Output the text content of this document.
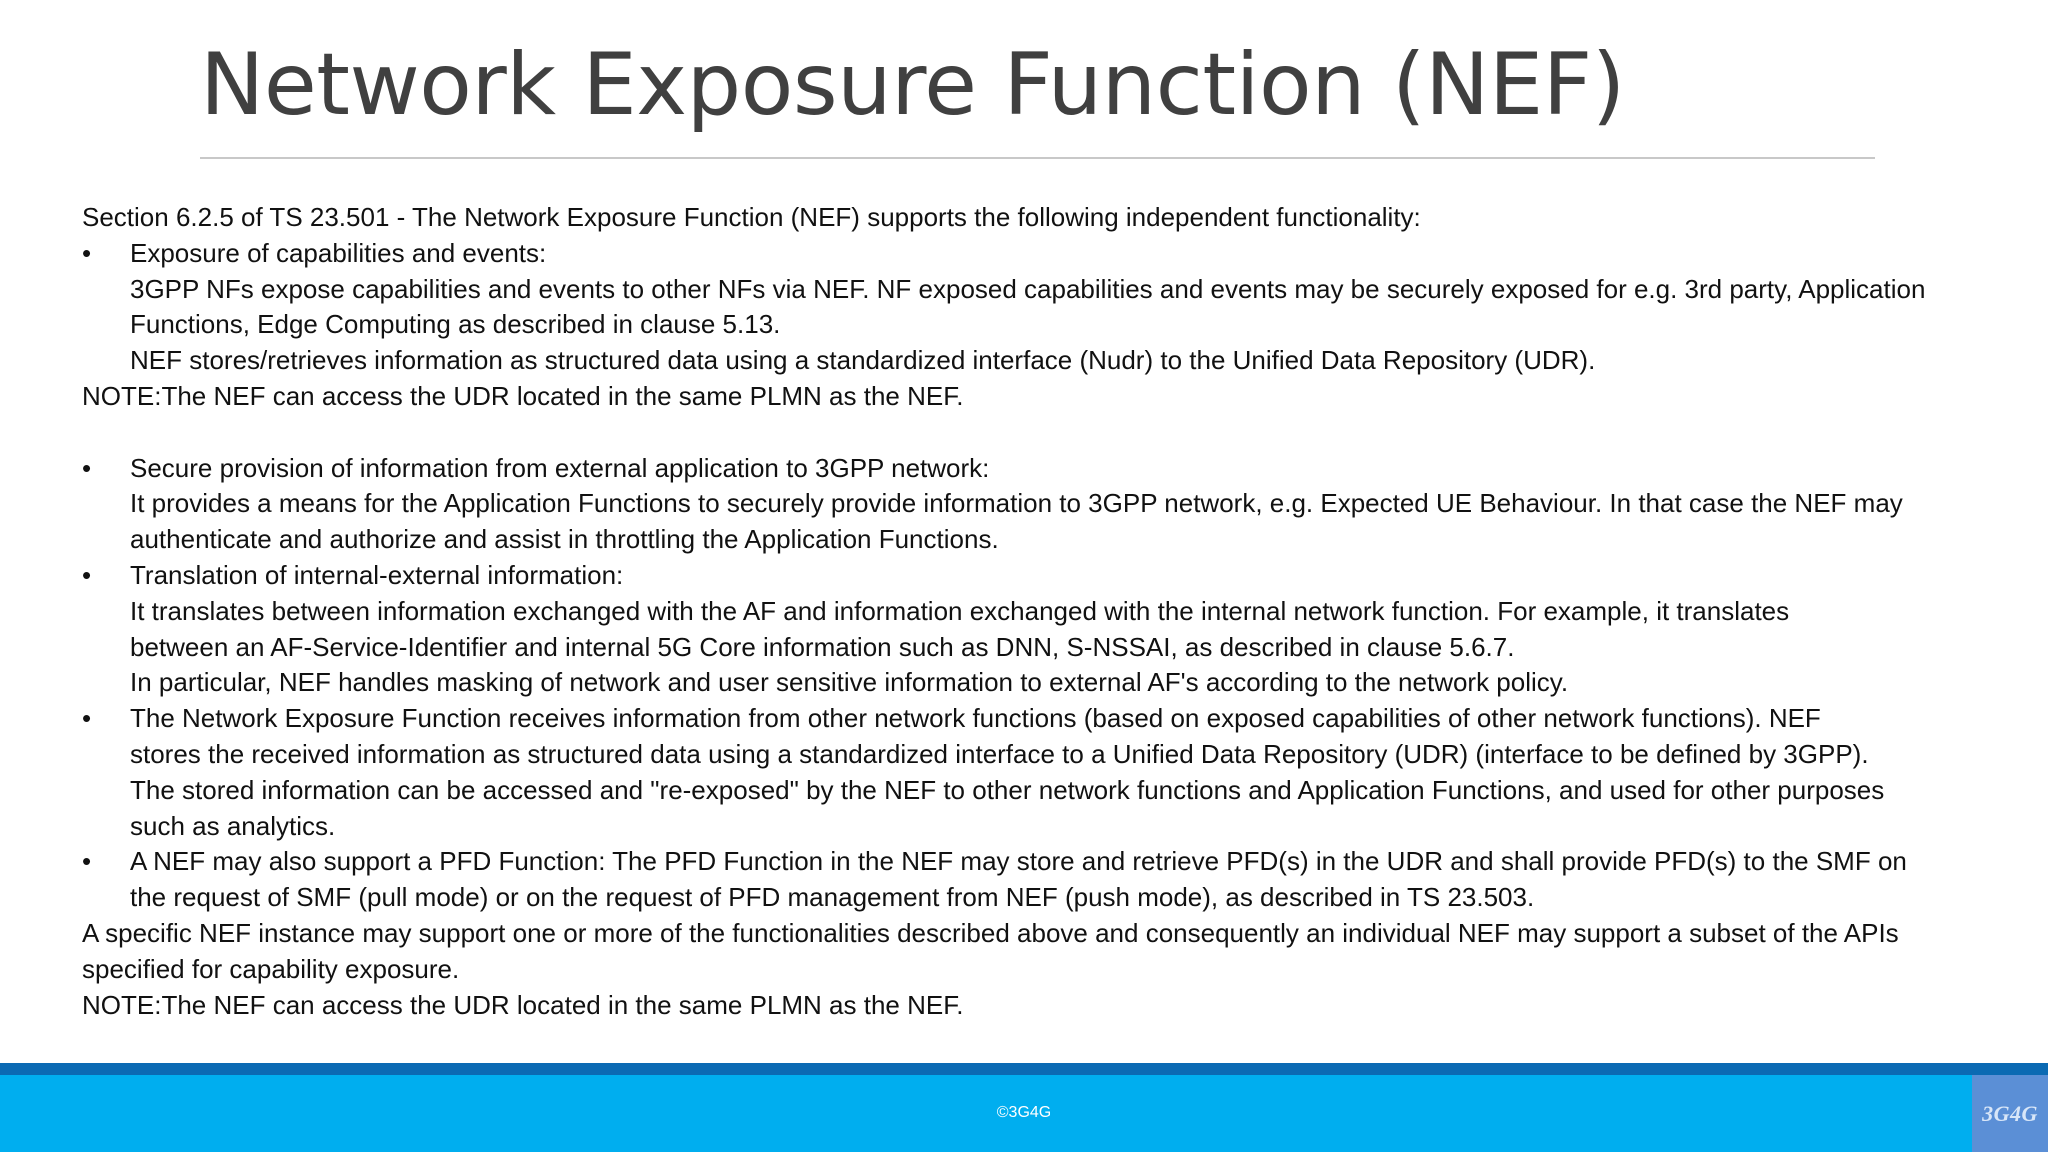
Network Exposure Function (NEF)
Section 6.2.5 of TS 23.501 - The Network Exposure Function (NEF) supports the following independent functionality:
•	Exposure of capabilities and events:
3GPP NFs expose capabilities and events to other NFs via NEF. NF exposed capabilities and events may be securely exposed for e.g. 3rd party, Application
Functions, Edge Computing as described in clause 5.13.
NEF stores/retrieves information as structured data using a standardized interface (Nudr) to the Unified Data Repository (UDR).
NOTE:The NEF can access the UDR located in the same PLMN as the NEF.
•	Secure provision of information from external application to 3GPP network:
It provides a means for the Application Functions to securely provide information to 3GPP network, e.g. Expected UE Behaviour. In that case the NEF may
authenticate and authorize and assist in throttling the Application Functions.
•	Translation of internal-external information:
It translates between information exchanged with the AF and information exchanged with the internal network function. For example, it translates
between an AF-Service-Identifier and internal 5G Core information such as DNN, S-NSSAI, as described in clause 5.6.7.
In particular, NEF handles masking of network and user sensitive information to external AF's according to the network policy.
•	The Network Exposure Function receives information from other network functions (based on exposed capabilities of other network functions). NEF
stores the received information as structured data using a standardized interface to a Unified Data Repository (UDR) (interface to be defined by 3GPP).
The stored information can be accessed and "re-exposed" by the NEF to other network functions and Application Functions, and used for other purposes
such as analytics.
•	A NEF may also support a PFD Function: The PFD Function in the NEF may store and retrieve PFD(s) in the UDR and shall provide PFD(s) to the SMF on
the request of SMF (pull mode) or on the request of PFD management from NEF (push mode), as described in TS 23.503.
A specific NEF instance may support one or more of the functionalities described above and consequently an individual NEF may support a subset of the APIs
specified for capability exposure.
NOTE:The NEF can access the UDR located in the same PLMN as the NEF.
©3G4G	3G4G
